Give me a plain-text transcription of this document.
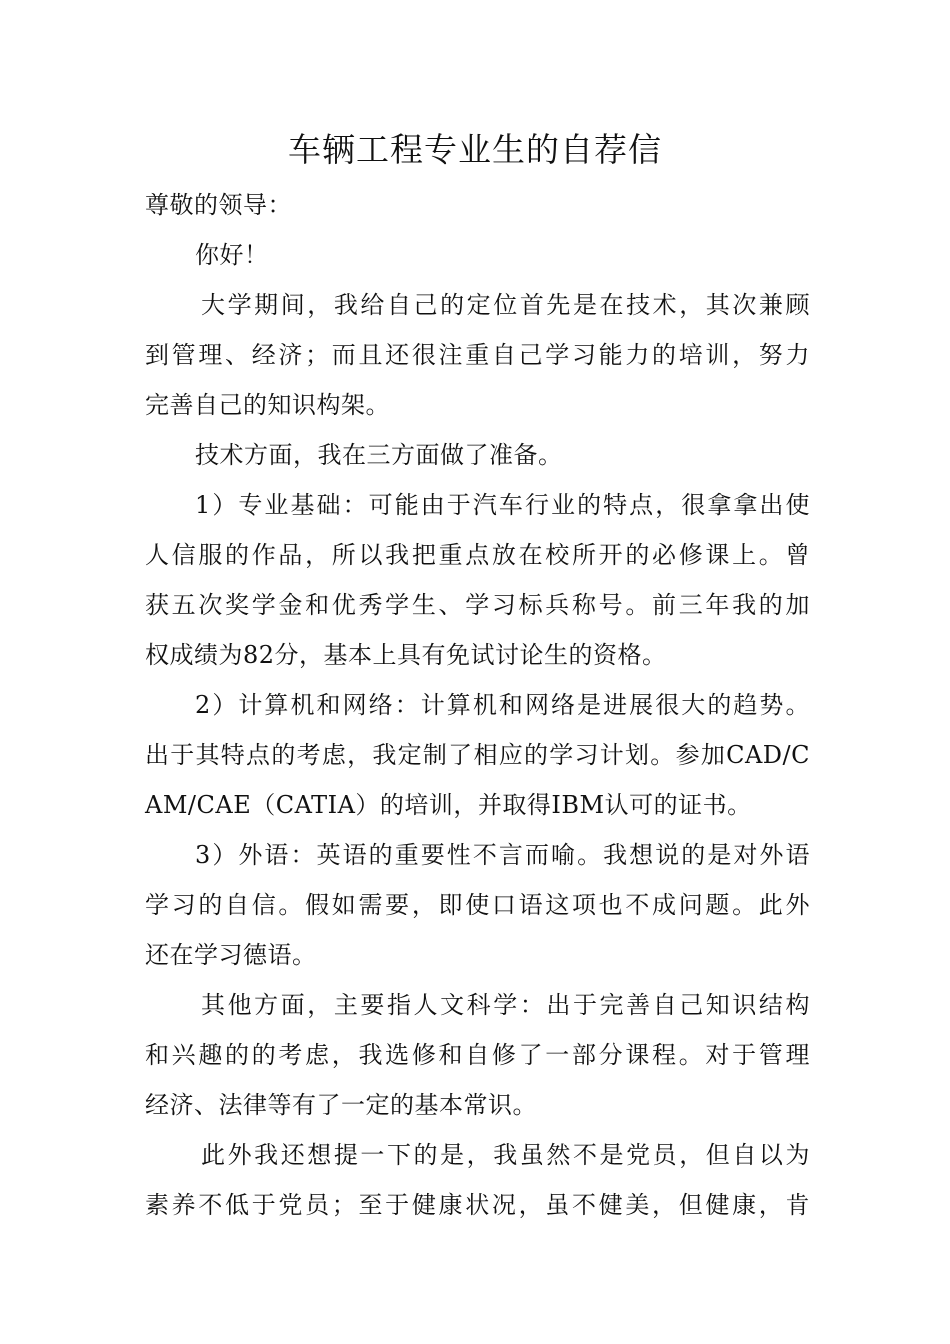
车辆工程专业生的自荐信
尊敬的领导：
你好！
大学期间，我给自己的定位首先是在技术，其次兼顾
到管理、经济；而且还很注重自己学习能力的培训，努力
完善自己的知识构架。
技术方面，我在三方面做了准备。
1）专业基础：可能由于汽车行业的特点，很拿拿出使
人信服的作品，所以我把重点放在校所开的必修课上。曾
获五次奖学金和优秀学生、学习标兵称号。前三年我的加
权成绩为82分，基本上具有免试讨论生的资格。
2）计算机和网络：计算机和网络是进展很大的趋势。
出于其特点的考虑，我定制了相应的学习计划。参加CAD/C
AM/CAE（CATIA）的培训，并取得IBM认可的证书。
3）外语：英语的重要性不言而喻。我想说的是对外语
学习的自信。假如需要，即使口语这项也不成问题。此外
还在学习德语。
其他方面，主要指人文科学：出于完善自己知识结构
和兴趣的的考虑，我选修和自修了一部分课程。对于管理
经济、法律等有了一定的基本常识。
此外我还想提一下的是，我虽然不是党员，但自以为
素养不低于党员；至于健康状况，虽不健美，但健康，肯
